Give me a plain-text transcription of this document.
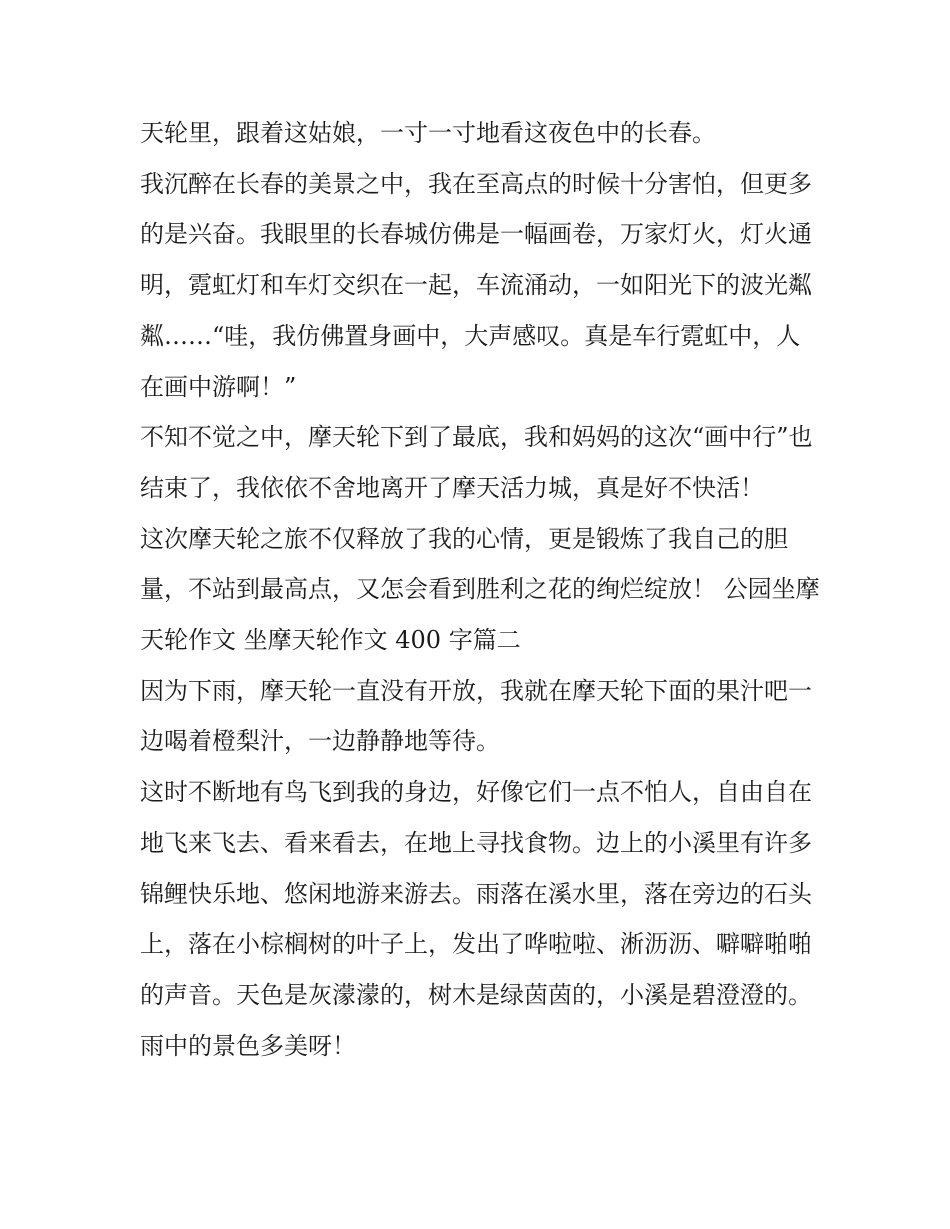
天轮里，跟着这姑娘，一寸一寸地看这夜色中的长春。

我沉醉在长春的美景之中，我在至高点的时候十分害怕，但更多的是兴奋。我眼里的长春城仿佛是一幅画卷，万家灯火，灯火通明，霓虹灯和车灯交织在一起，车流涌动，一如阳光下的波光粼粼……“哇，我仿佛置身画中，大声感叹。真是车行霓虹中，人在画中游啊！”

不知不觉之中，摩天轮下到了最底，我和妈妈的这次“画中行”也结束了，我依依不舍地离开了摩天活力城，真是好不快活！

这次摩天轮之旅不仅释放了我的心情，更是锻炼了我自己的胆量，不站到最高点，又怎会看到胜利之花的绚烂绽放！ 公园坐摩天轮作文 坐摩天轮作文 400 字篇二

因为下雨，摩天轮一直没有开放，我就在摩天轮下面的果汁吧一边喝着橙梨汁，一边静静地等待。

这时不断地有鸟飞到我的身边，好像它们一点不怕人，自由自在地飞来飞去、看来看去，在地上寻找食物。边上的小溪里有许多锦鲤快乐地、悠闲地游来游去。雨落在溪水里，落在旁边的石头上，落在小棕榈树的叶子上，发出了哗啦啦、淅沥沥、噼噼啪啪的声音。天色是灰濛濛的，树木是绿茵茵的，小溪是碧澄澄的。雨中的景色多美呀！
